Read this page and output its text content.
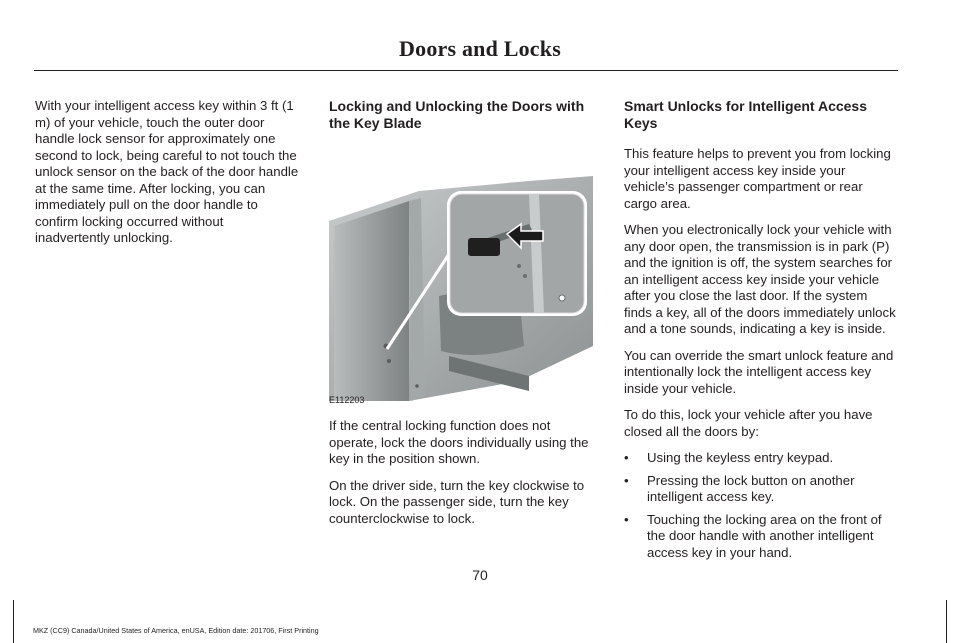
Doors and Locks

With your intelligent access key within 3 ft (1 m) of your vehicle, touch the outer door handle lock sensor for approximately one second to lock, being careful to not touch the unlock sensor on the back of the door handle at the same time. After locking, you can immediately pull on the door handle to confirm locking occurred without inadvertently unlocking.

Locking and Unlocking the Doors with the Key Blade
E112203

If the central locking function does not operate, lock the doors individually using the key in the position shown.

On the driver side, turn the key clockwise to lock. On the passenger side, turn the key counterclockwise to lock.

Smart Unlocks for Intelligent Access Keys

This feature helps to prevent you from locking your intelligent access key inside your vehicle’s passenger compartment or rear cargo area.

When you electronically lock your vehicle with any door open, the transmission is in park (P) and the ignition is off, the system searches for an intelligent access key inside your vehicle after you close the last door. If the system finds a key, all of the doors immediately unlock and a tone sounds, indicating a key is inside.

You can override the smart unlock feature and intentionally lock the intelligent access key inside your vehicle.

To do this, lock your vehicle after you have closed all the doors by:

• Using the keyless entry keypad.
• Pressing the lock button on another intelligent access key.
• Touching the locking area on the front of the door handle with another intelligent access key in your hand.
70
MKZ (CC9) Canada/United States of America, enUSA, Edition date: 201706, First Printing
